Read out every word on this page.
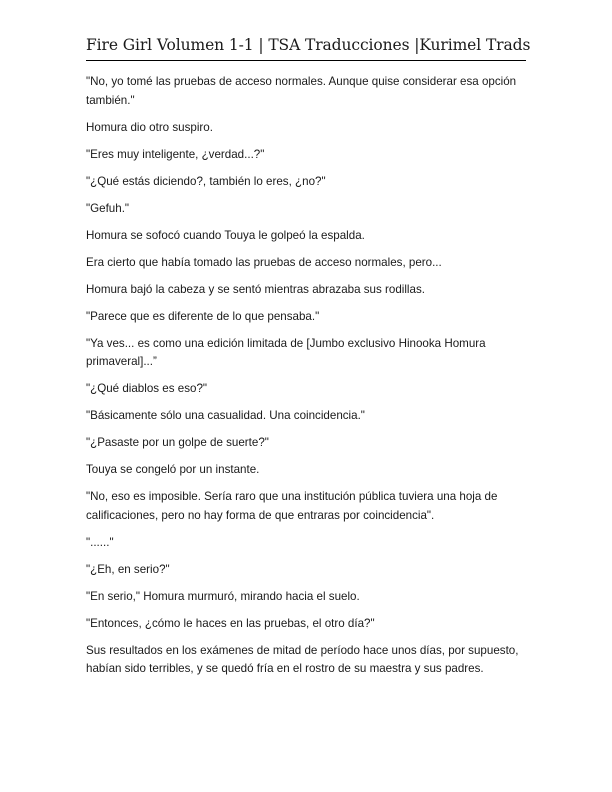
Fire Girl Volumen 1-1 | TSA Traducciones |Kurimel Trads

"No, yo tomé las pruebas de acceso normales. Aunque quise considerar esa opción también."

Homura dio otro suspiro.

"Eres muy inteligente, ¿verdad...?"

"¿Qué estás diciendo?, también lo eres, ¿no?"

"Gefuh."

Homura se sofocó cuando Touya le golpeó la espalda.

Era cierto que había tomado las pruebas de acceso normales, pero...

Homura bajó la cabeza y se sentó mientras abrazaba sus rodillas.

"Parece que es diferente de lo que pensaba."

"Ya ves... es como una edición limitada de [Jumbo exclusivo Hinooka Homura primaveral]...”

"¿Qué diablos es eso?"

"Básicamente sólo una casualidad. Una coincidencia."

"¿Pasaste por un golpe de suerte?"

Touya se congeló por un instante.

"No, eso es imposible. Sería raro que una institución pública tuviera una hoja de calificaciones, pero no hay forma de que entraras por coincidencia".

"......"

"¿Eh, en serio?"

"En serio," Homura murmuró, mirando hacia el suelo.

"Entonces, ¿cómo le haces en las pruebas, el otro día?"

Sus resultados en los exámenes de mitad de período hace unos días, por supuesto, habían sido terribles, y se quedó fría en el rostro de su maestra y sus padres.
